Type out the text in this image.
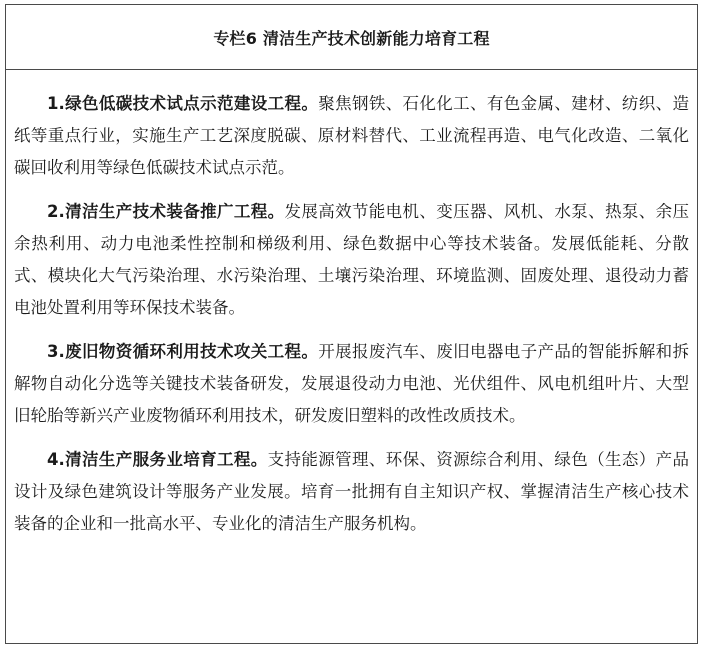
专栏6 清洁生产技术创新能力培育工程

1.绿色低碳技术试点示范建设工程。聚焦钢铁、石化化工、有色金属、建材、纺织、造纸等重点行业，实施生产工艺深度脱碳、原材料替代、工业流程再造、电气化改造、二氧化碳回收利用等绿色低碳技术试点示范。

2.清洁生产技术装备推广工程。发展高效节能电机、变压器、风机、水泵、热泵、余压余热利用、动力电池柔性控制和梯级利用、绿色数据中心等技术装备。发展低能耗、分散式、模块化大气污染治理、水污染治理、土壤污染治理、环境监测、固废处理、退役动力蓄电池处置利用等环保技术装备。

3.废旧物资循环利用技术攻关工程。开展报废汽车、废旧电器电子产品的智能拆解和拆解物自动化分选等关键技术装备研发，发展退役动力电池、光伏组件、风电机组叶片、大型旧轮胎等新兴产业废物循环利用技术，研发废旧塑料的改性改质技术。

4.清洁生产服务业培育工程。支持能源管理、环保、资源综合利用、绿色（生态）产品设计及绿色建筑设计等服务产业发展。培育一批拥有自主知识产权、掌握清洁生产核心技术装备的企业和一批高水平、专业化的清洁生产服务机构。
